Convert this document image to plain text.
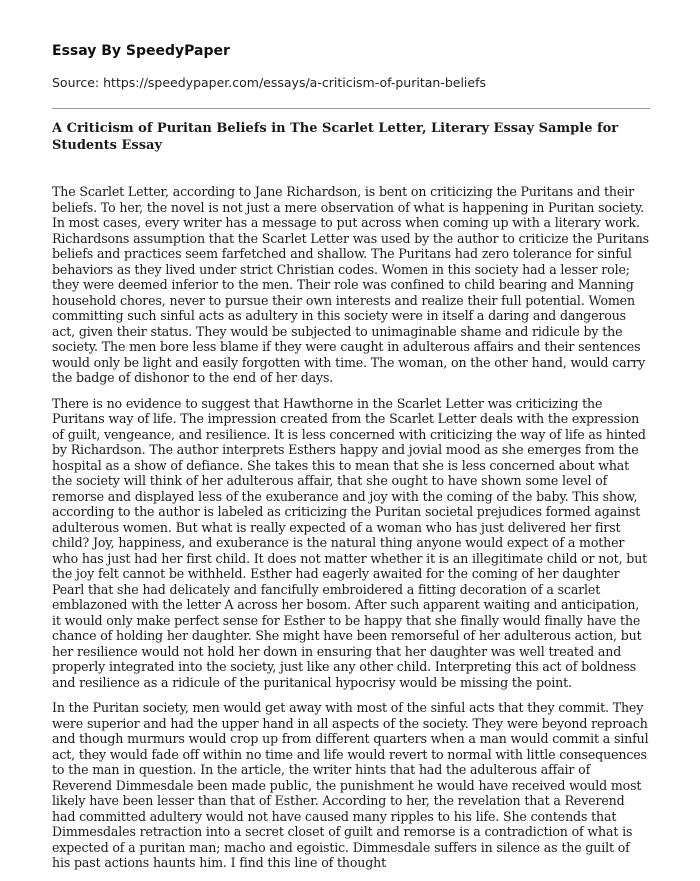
Essay By SpeedyPaper
Source: https://speedypaper.com/essays/a-criticism-of-puritan-beliefs
A Criticism of Puritan Beliefs in The Scarlet Letter, Literary Essay Sample for Students Essay

The Scarlet Letter, according to Jane Richardson, is bent on criticizing the Puritans and their beliefs. To her, the novel is not just a mere observation of what is happening in Puritan society. In most cases, every writer has a message to put across when coming up with a literary work. Richardsons assumption that the Scarlet Letter was used by the author to criticize the Puritans beliefs and practices seem farfetched and shallow. The Puritans had zero tolerance for sinful behaviors as they lived under strict Christian codes. Women in this society had a lesser role; they were deemed inferior to the men. Their role was confined to child bearing and Manning household chores, never to pursue their own interests and realize their full potential. Women committing such sinful acts as adultery in this society were in itself a daring and dangerous act, given their status. They would be subjected to unimaginable shame and ridicule by the society. The men bore less blame if they were caught in adulterous affairs and their sentences would only be light and easily forgotten with time. The woman, on the other hand, would carry the badge of dishonor to the end of her days.

There is no evidence to suggest that Hawthorne in the Scarlet Letter was criticizing the Puritans way of life. The impression created from the Scarlet Letter deals with the expression of guilt, vengeance, and resilience. It is less concerned with criticizing the way of life as hinted by Richardson. The author interprets Esthers happy and jovial mood as she emerges from the hospital as a show of defiance. She takes this to mean that she is less concerned about what the society will think of her adulterous affair, that she ought to have shown some level of remorse and displayed less of the exuberance and joy with the coming of the baby. This show, according to the author is labeled as criticizing the Puritan societal prejudices formed against adulterous women. But what is really expected of a woman who has just delivered her first child? Joy, happiness, and exuberance is the natural thing anyone would expect of a mother who has just had her first child. It does not matter whether it is an illegitimate child or not, but the joy felt cannot be withheld. Esther had eagerly awaited for the coming of her daughter Pearl that she had delicately and fancifully embroidered a fitting decoration of a scarlet emblazoned with the letter A across her bosom. After such apparent waiting and anticipation, it would only make perfect sense for Esther to be happy that she finally would finally have the chance of holding her daughter. She might have been remorseful of her adulterous action, but her resilience would not hold her down in ensuring that her daughter was well treated and properly integrated into the society, just like any other child. Interpreting this act of boldness and resilience as a ridicule of the puritanical hypocrisy would be missing the point.

In the Puritan society, men would get away with most of the sinful acts that they commit. They were superior and had the upper hand in all aspects of the society. They were beyond reproach and though murmurs would crop up from different quarters when a man would commit a sinful act, they would fade off within no time and life would revert to normal with little consequences to the man in question. In the article, the writer hints that had the adulterous affair of Reverend Dimmesdale been made public, the punishment he would have received would most likely have been lesser than that of Esther. According to her, the revelation that a Reverend had committed adultery would not have caused many ripples to his life. She contends that Dimmesdales retraction into a secret closet of guilt and remorse is a contradiction of what is expected of a puritan man; macho and egoistic. Dimmesdale suffers in silence as the guilt of his past actions haunts him. I find this line of thought
